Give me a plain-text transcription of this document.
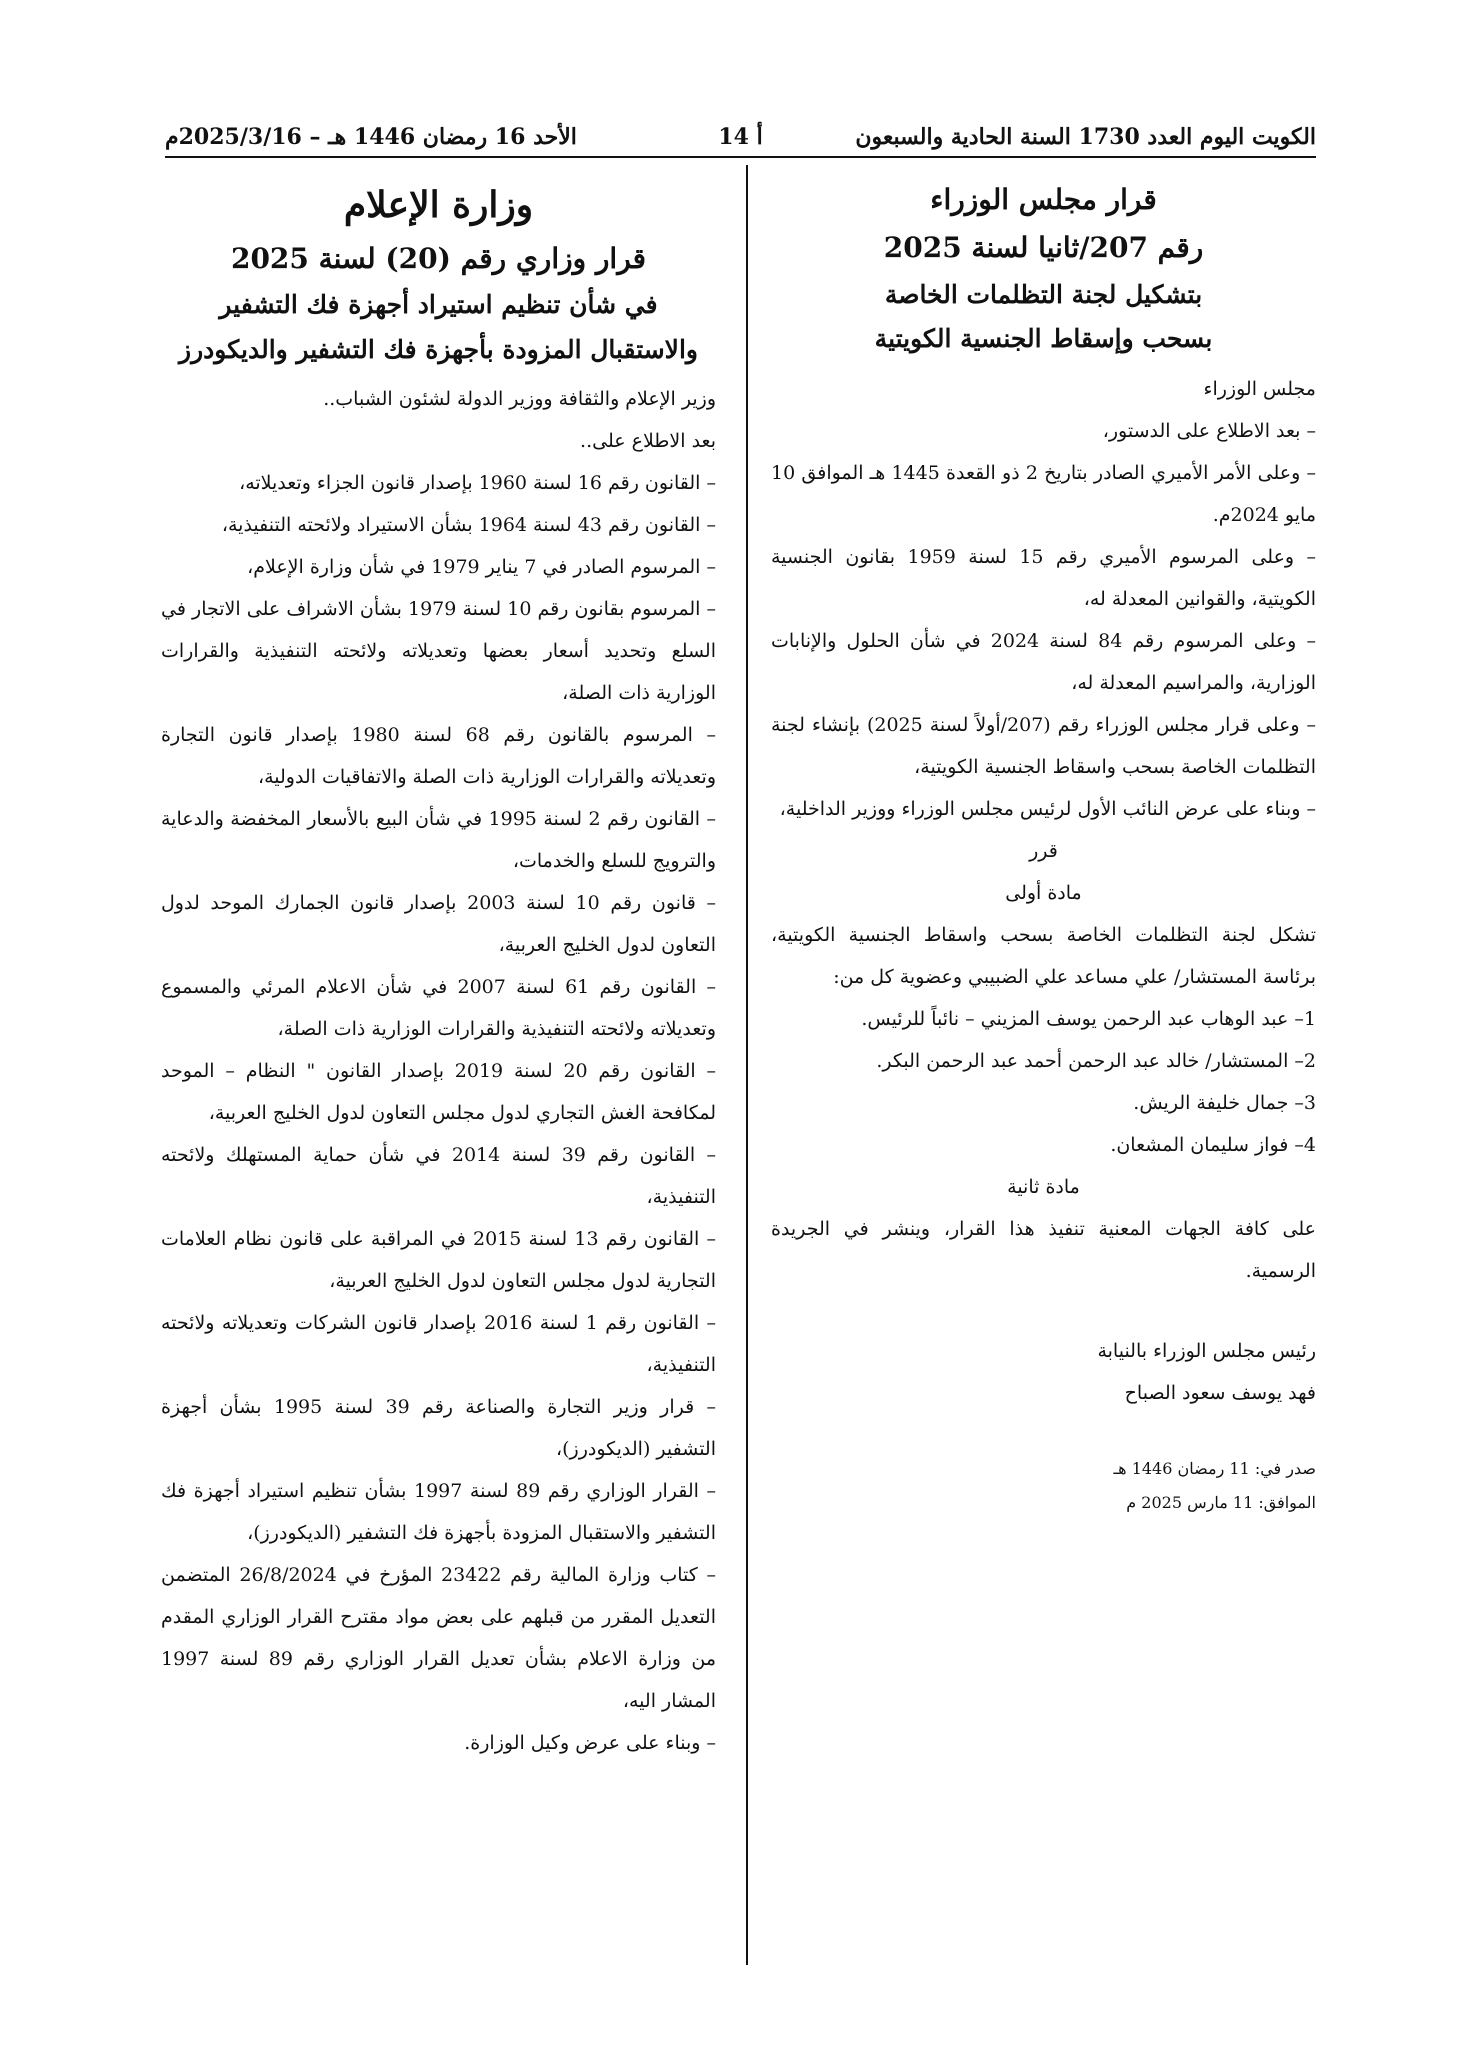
الكويت اليوم العدد 1730 السنة الحادية والسبعون
أ 14
الأحد 16 رمضان 1446 هـ – 2025/3/16م

قرار مجلس الوزراء

رقم 207/ثانيا لسنة 2025

بتشكيل لجنة التظلمات الخاصة

بسحب وإسقاط الجنسية الكويتية

مجلس الوزراء

– بعد الاطلاع على الدستور،

– وعلى الأمر الأميري الصادر بتاريخ 2 ذو القعدة 1445 هـ الموافق 10 مايو 2024م.

– وعلى المرسوم الأميري رقم 15 لسنة 1959 بقانون الجنسية الكويتية، والقوانين المعدلة له،

– وعلى المرسوم رقم 84 لسنة 2024 في شأن الحلول والإنابات الوزارية، والمراسيم المعدلة له،

– وعلى قرار مجلس الوزراء رقم (207/أولاً لسنة 2025) بإنشاء لجنة التظلمات الخاصة بسحب واسقاط الجنسية الكويتية،

– وبناء على عرض النائب الأول لرئيس مجلس الوزراء ووزير الداخلية،

قرر

مادة أولى

تشكل لجنة التظلمات الخاصة بسحب واسقاط الجنسية الكويتية، برئاسة المستشار/ علي مساعد علي الضبيبي وعضوية كل من:

1– عبد الوهاب عبد الرحمن يوسف المزيني – نائباً للرئيس.

2– المستشار/ خالد عبد الرحمن أحمد عبد الرحمن البكر.

3– جمال خليفة الريش.

4– فواز سليمان المشعان.

مادة ثانية

على كافة الجهات المعنية تنفيذ هذا القرار، وينشر في الجريدة الرسمية.

رئيس مجلس الوزراء بالنيابة

فهد يوسف سعود الصباح

صدر في: 11 رمضان 1446 هـ

الموافق: 11 مارس 2025 م

وزارة الإعلام

قرار وزاري رقم (20) لسنة 2025

في شأن تنظيم استيراد أجهزة فك التشفير

والاستقبال المزودة بأجهزة فك التشفير والديكودرز

وزير الإعلام والثقافة ووزير الدولة لشئون الشباب..

بعد الاطلاع على..

– القانون رقم 16 لسنة 1960 بإصدار قانون الجزاء وتعديلاته،

– القانون رقم 43 لسنة 1964 بشأن الاستيراد ولائحته التنفيذية،

– المرسوم الصادر في 7 يناير 1979 في شأن وزارة الإعلام،

– المرسوم بقانون رقم 10 لسنة 1979 بشأن الاشراف على الاتجار في السلع وتحديد أسعار بعضها وتعديلاته ولائحته التنفيذية والقرارات الوزارية ذات الصلة،

– المرسوم بالقانون رقم 68 لسنة 1980 بإصدار قانون التجارة وتعديلاته والقرارات الوزارية ذات الصلة والاتفاقيات الدولية،

– القانون رقم 2 لسنة 1995 في شأن البيع بالأسعار المخفضة والدعاية والترويج للسلع والخدمات،

– قانون رقم 10 لسنة 2003 بإصدار قانون الجمارك الموحد لدول التعاون لدول الخليج العربية،

– القانون رقم 61 لسنة 2007 في شأن الاعلام المرئي والمسموع وتعديلاته ولائحته التنفيذية والقرارات الوزارية ذات الصلة،

– القانون رقم 20 لسنة 2019 بإصدار القانون " النظام – الموحد لمكافحة الغش التجاري لدول مجلس التعاون لدول الخليج العربية،

– القانون رقم 39 لسنة 2014 في شأن حماية المستهلك ولائحته التنفيذية،

– القانون رقم 13 لسنة 2015 في المراقبة على قانون نظام العلامات التجارية لدول مجلس التعاون لدول الخليج العربية،

– القانون رقم 1 لسنة 2016 بإصدار قانون الشركات وتعديلاته ولائحته التنفيذية،

– قرار وزير التجارة والصناعة رقم 39 لسنة 1995 بشأن أجهزة التشفير (الديكودرز)،

– القرار الوزاري رقم 89 لسنة 1997 بشأن تنظيم استيراد أجهزة فك التشفير والاستقبال المزودة بأجهزة فك التشفير (الديكودرز)،

– كتاب وزارة المالية رقم 23422 المؤرخ في 26/8/2024 المتضمن التعديل المقرر من قبلهم على بعض مواد مقترح القرار الوزاري المقدم من وزارة الاعلام بشأن تعديل القرار الوزاري رقم 89 لسنة 1997 المشار اليه،

– وبناء على عرض وكيل الوزارة.
